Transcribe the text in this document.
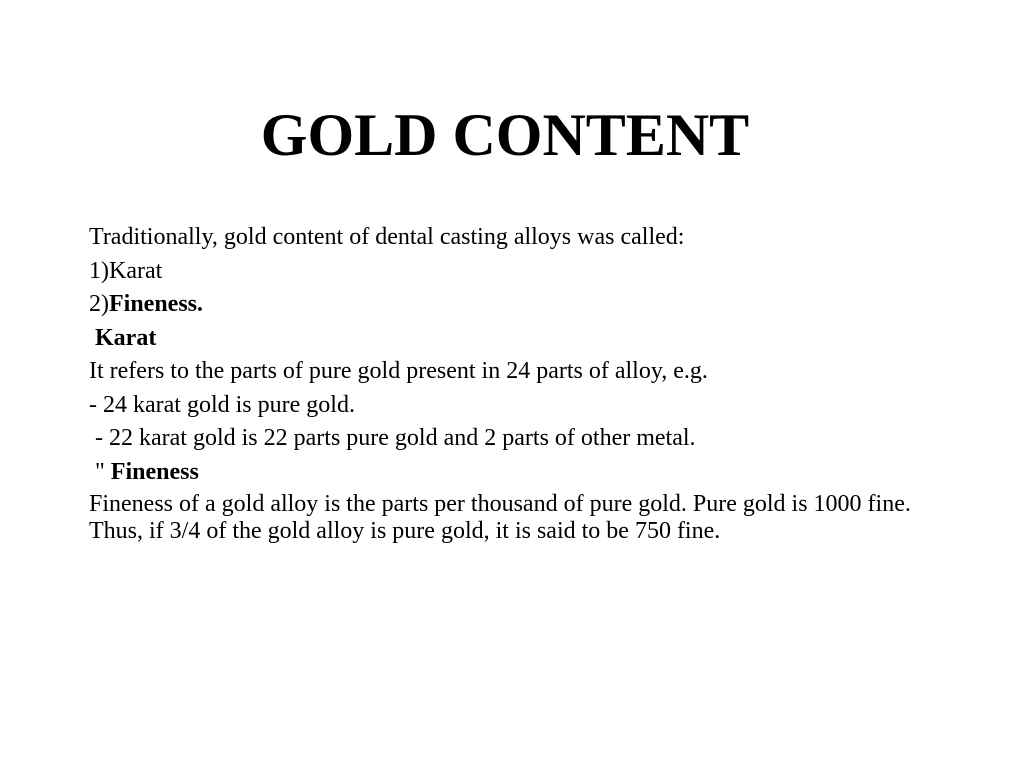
GOLD CONTENT

Traditionally, gold content of dental casting alloys was called:

1)Karat

2)Fineness.

Karat

It refers to the parts of pure gold present in 24 parts of alloy, e.g.

- 24 karat gold is pure gold.

- 22 karat gold is 22 parts pure gold and 2 parts of other metal.

" Fineness

Fineness of a gold alloy is the parts per thousand of pure gold. Pure gold is 1000 fine. Thus, if 3/4 of the gold alloy is pure gold, it is said to be 750 fine.
